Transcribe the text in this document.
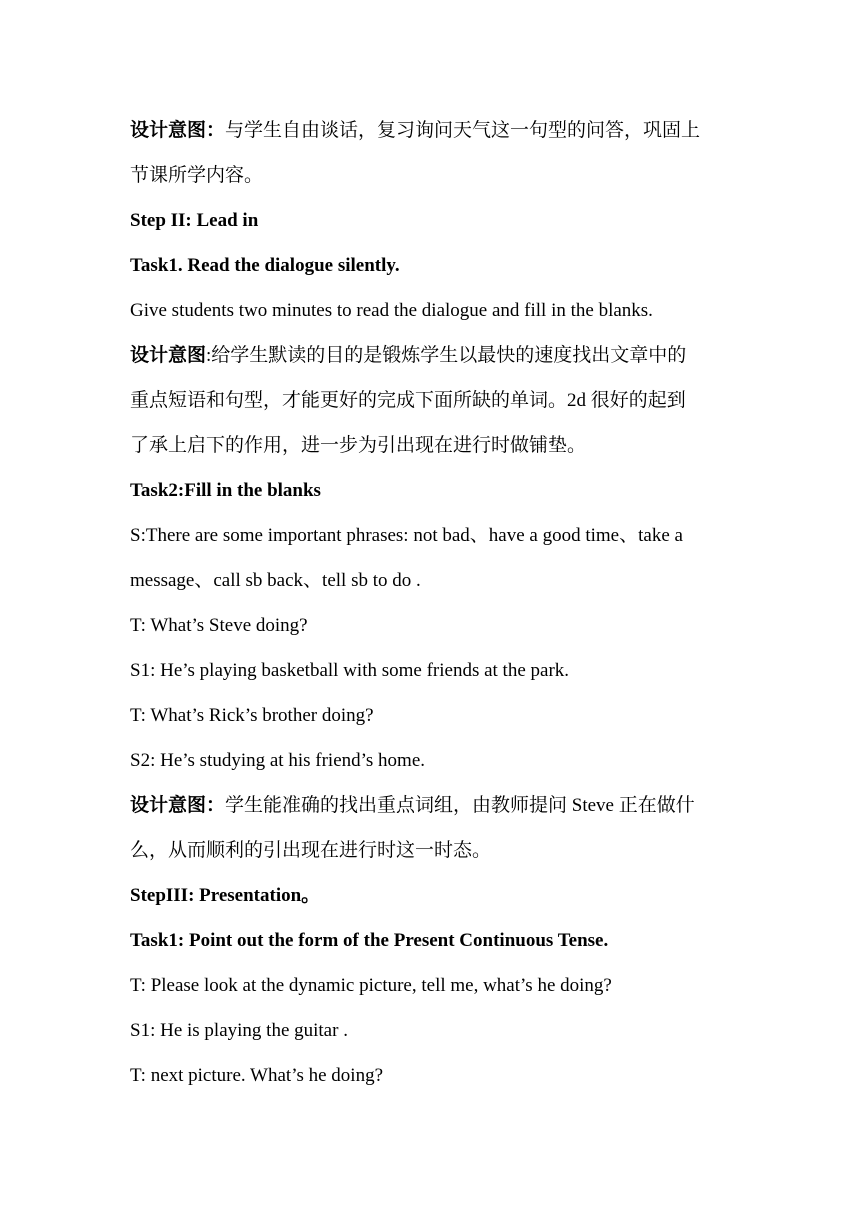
设计意图：与学生自由谈话，复习询问天气这一句型的问答，巩固上
节课所学内容。
Step II: Lead in
Task1. Read the dialogue silently.
Give students two minutes to read the dialogue and fill in the blanks.
设计意图:给学生默读的目的是锻炼学生以最快的速度找出文章中的
重点短语和句型，才能更好的完成下面所缺的单词。2d 很好的起到
了承上启下的作用，进一步为引出现在进行时做铺垫。
Task2:Fill in the blanks
S:There are some important phrases: not bad、have a good time、take a
message、call sb back、tell sb to do .
T: What’s Steve doing?
S1: He’s playing basketball with some friends at the park.
T: What’s Rick’s brother doing?
S2: He’s studying at his friend’s home.
设计意图：学生能准确的找出重点词组，由教师提问 Steve 正在做什
么，从而顺利的引出现在进行时这一时态。
StepIII: Presentation。
Task1: Point out the form of the Present Continuous Tense.
T: Please look at the dynamic picture, tell me, what’s he doing?
S1: He is playing the guitar .
T: next picture. What’s he doing?
